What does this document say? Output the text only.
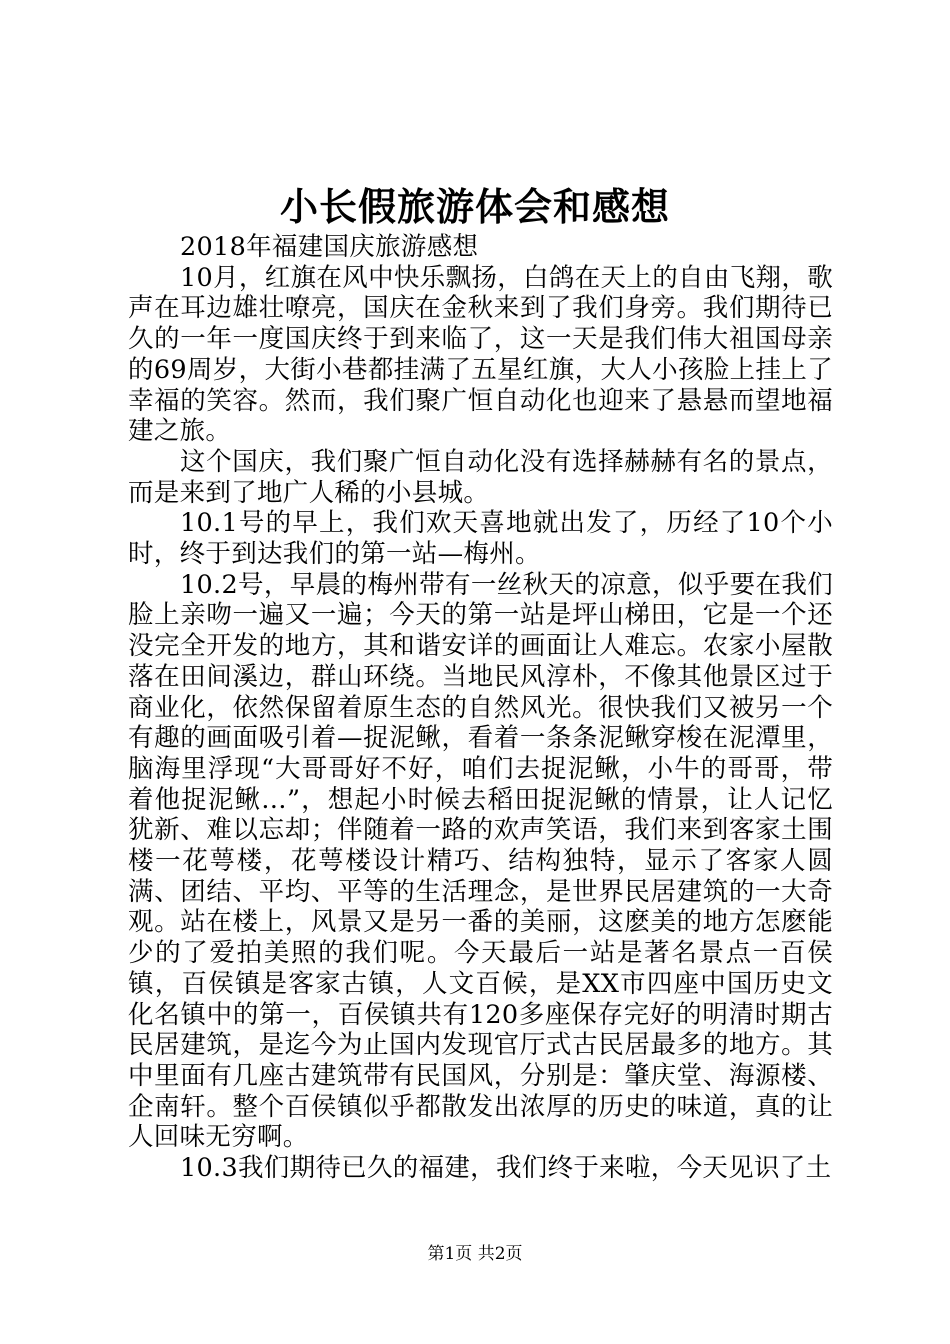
小长假旅游体会和感想

2018年福建国庆旅游感想

10月，红旗在风中快乐飘扬，白鸽在天上的自由飞翔，歌声在耳边雄壮嘹亮，国庆在金秋来到了我们身旁。我们期待已久的一年一度国庆终于到来临了，这一天是我们伟大祖国母亲的69周岁，大街小巷都挂满了五星红旗，大人小孩脸上挂上了幸福的笑容。然而，我们聚广恒自动化也迎来了悬悬而望地福建之旅。

这个国庆，我们聚广恒自动化没有选择赫赫有名的景点，而是来到了地广人稀的小县城。

10.1号的早上，我们欢天喜地就出发了，历经了10个小时，终于到达我们的第一站—梅州。

10.2号，早晨的梅州带有一丝秋天的凉意，似乎要在我们脸上亲吻一遍又一遍；今天的第一站是坪山梯田，它是一个还没完全开发的地方，其和谐安详的画面让人难忘。农家小屋散落在田间溪边，群山环绕。当地民风淳朴，不像其他景区过于商业化，依然保留着原生态的自然风光。很快我们又被另一个有趣的画面吸引着—捉泥鳅，看着一条条泥鳅穿梭在泥潭里，脑海里浮现“大哥哥好不好，咱们去捉泥鳅，小牛的哥哥，带着他捉泥鳅…”，想起小时候去稻田捉泥鳅的情景，让人记忆犹新、难以忘却；伴随着一路的欢声笑语，我们来到客家土围楼一花萼楼，花萼楼设计精巧、结构独特，显示了客家人圆满、团结、平均、平等的生活理念，是世界民居建筑的一大奇观。站在楼上，风景又是另一番的美丽，这麽美的地方怎麽能少的了爱拍美照的我们呢。今天最后一站是著名景点一百侯镇，百侯镇是客家古镇，人文百候，是XX市四座中国历史文化名镇中的第一，百侯镇共有120多座保存完好的明清时期古民居建筑，是迄今为止国内发现官厅式古民居最多的地方。其中里面有几座古建筑带有民国风，分别是：肇庆堂、海源楼、企南轩。整个百侯镇似乎都散发出浓厚的历史的味道，真的让人回味无穷啊。

10.3我们期待已久的福建，我们终于来啦，今天见识了土

第1页 共2页
